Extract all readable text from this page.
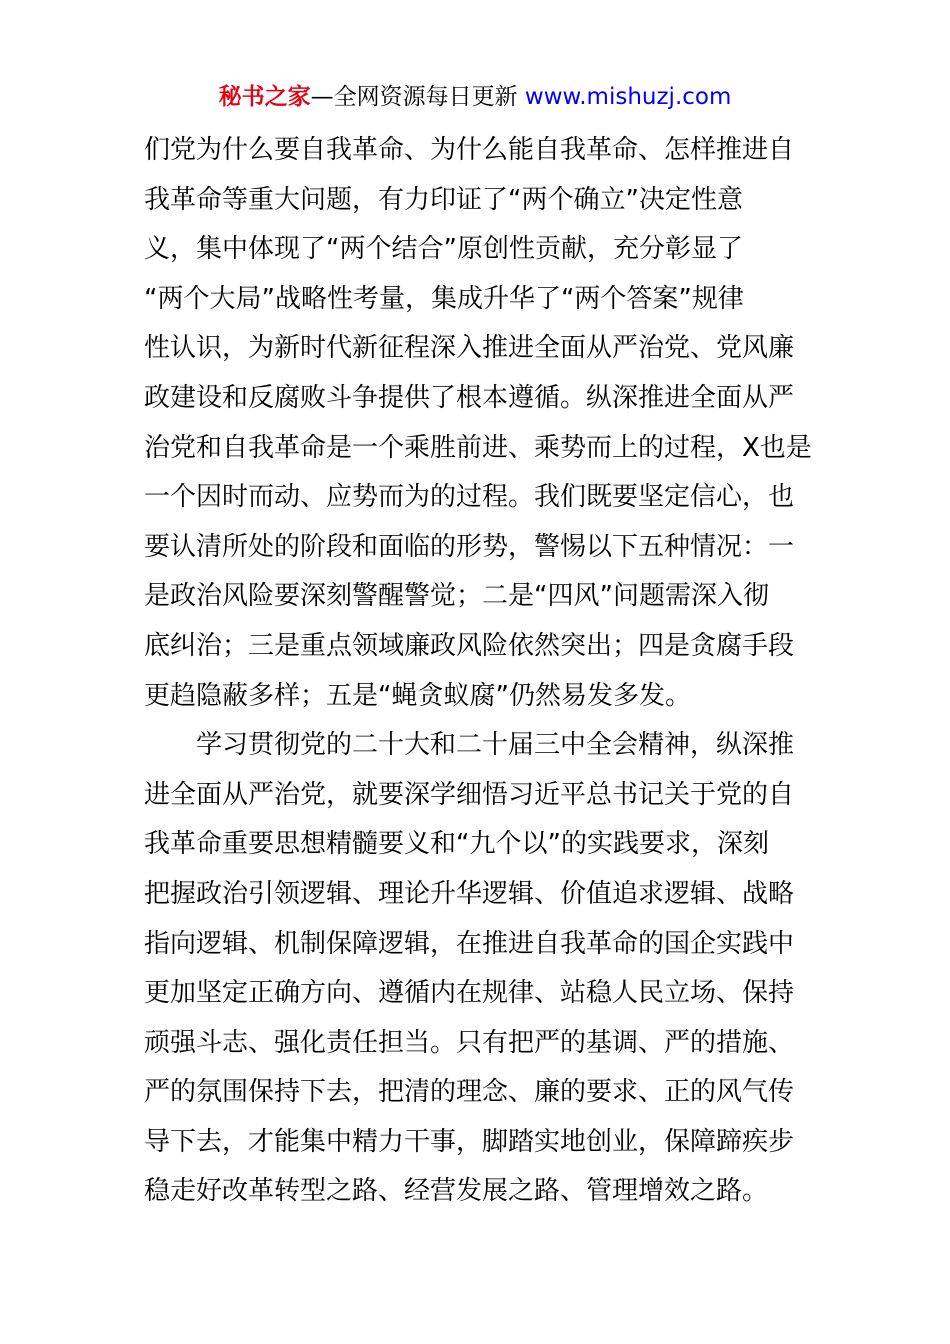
秘书之家—全网资源每日更新 www.mishuzj.com
们党为什么要自我革命、为什么能自我革命、怎样推进自
我革命等重大问题，有力印证了“两个确立”决定性意
义，集中体现了“两个结合”原创性贡献，充分彰显了
“两个大局”战略性考量，集成升华了“两个答案”规律
性认识，为新时代新征程深入推进全面从严治党、党风廉
政建设和反腐败斗争提供了根本遵循。纵深推进全面从严
治党和自我革命是一个乘胜前进、乘势而上的过程，X也是
一个因时而动、应势而为的过程。我们既要坚定信心，也
要认清所处的阶段和面临的形势，警惕以下五种情况：一
是政治风险要深刻警醒警觉；二是“四风”问题需深入彻
底纠治；三是重点领域廉政风险依然突出；四是贪腐手段
更趋隐蔽多样；五是“蝇贪蚁腐”仍然易发多发。
学习贯彻党的二十大和二十届三中全会精神，纵深推
进全面从严治党，就要深学细悟习近平总书记关于党的自
我革命重要思想精髓要义和“九个以”的实践要求，深刻
把握政治引领逻辑、理论升华逻辑、价值追求逻辑、战略
指向逻辑、机制保障逻辑，在推进自我革命的国企实践中
更加坚定正确方向、遵循内在规律、站稳人民立场、保持
顽强斗志、强化责任担当。只有把严的基调、严的措施、
严的氛围保持下去，把清的理念、廉的要求、正的风气传
导下去，才能集中精力干事，脚踏实地创业，保障蹄疾步
稳走好改革转型之路、经营发展之路、管理增效之路。
